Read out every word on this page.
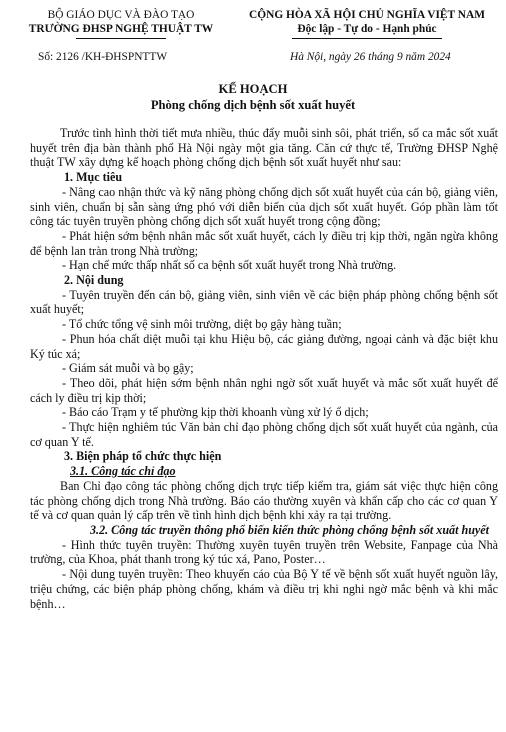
BỘ GIÁO DỤC VÀ ĐÀO TẠO
TRƯỜNG ĐHSP NGHỆ THUẬT TW
CỘNG HÒA XÃ HỘI CHỦ NGHĨA VIỆT NAM
Độc lập - Tự do - Hạnh phúc
Số: 2126 /KH-ĐHSPNTTW	Hà Nội, ngày 26 tháng 9 năm 2024
KẾ HOẠCH
Phòng chống dịch bệnh sốt xuất huyết

Trước tình hình thời tiết mưa nhiều, thúc đẩy muỗi sinh sôi, phát triển, số ca mắc sốt xuất huyết trên địa bàn thành phố Hà Nội ngày một gia tăng. Căn cứ thực tế, Trường ĐHSP Nghệ thuật TW xây dựng kế hoạch phòng chống dịch bệnh sốt xuất huyết như sau:

1. Mục tiêu

- Nâng cao nhận thức và kỹ năng phòng chống dịch sốt xuất huyết của cán bộ, giảng viên, sinh viên, chuẩn bị sẵn sàng ứng phó với diễn biến của dịch sốt xuất huyết. Góp phần làm tốt công tác tuyên truyền phòng chống dịch sốt xuất huyết trong cộng đồng;

- Phát hiện sớm bệnh nhân mắc sốt xuất huyết, cách ly điều trị kịp thời, ngăn ngừa không để bệnh lan tràn trong Nhà trường;

- Hạn chế mức thấp nhất số ca bệnh sốt xuất huyết trong Nhà trường.

2. Nội dung

- Tuyên truyền đến cán bộ, giảng viên, sinh viên về các biện pháp phòng chống bệnh sốt xuất huyết;

- Tổ chức tổng vệ sinh môi trường, diệt bọ gậy hàng tuần;

- Phun hóa chất diệt muỗi tại khu Hiệu bộ, các giảng đường, ngoại cảnh và đặc biệt khu Ký túc xá;

- Giám sát muỗi và bọ gậy;

- Theo dõi, phát hiện sớm bệnh nhân nghi ngờ sốt xuất huyết và mắc sốt xuất huyết để cách ly điều trị kịp thời;

- Báo cáo Trạm y tế phường kịp thời khoanh vùng xử lý ổ dịch;

- Thực hiện nghiêm túc Văn bản chỉ đạo phòng chống dịch sốt xuất huyết của ngành, của cơ quan Y tế.

3. Biện pháp tổ chức thực hiện

3.1. Công tác chỉ đạo

Ban Chỉ đạo công tác phòng chống dịch trực tiếp kiểm tra, giám sát việc thực hiện công tác phòng chống dịch trong Nhà trường. Báo cáo thường xuyên và khẩn cấp cho các cơ quan Y tế và cơ quan quản lý cấp trên về tình hình dịch bệnh khi xảy ra tại trường.

3.2. Công tác truyền thông phổ biến kiến thức phòng chống bệnh sốt xuất huyết

- Hình thức tuyên truyền: Thường xuyên tuyên truyền trên Website, Fanpage của Nhà trường, của Khoa, phát thanh trong ký túc xá, Pano, Poster…

- Nội dung tuyên truyền: Theo khuyến cáo của Bộ Y tế về bệnh sốt xuất huyết nguồn lây, triệu chứng, các biện pháp phòng chống, khám và điều trị khi nghi ngờ mắc bệnh và khi mắc bệnh…
